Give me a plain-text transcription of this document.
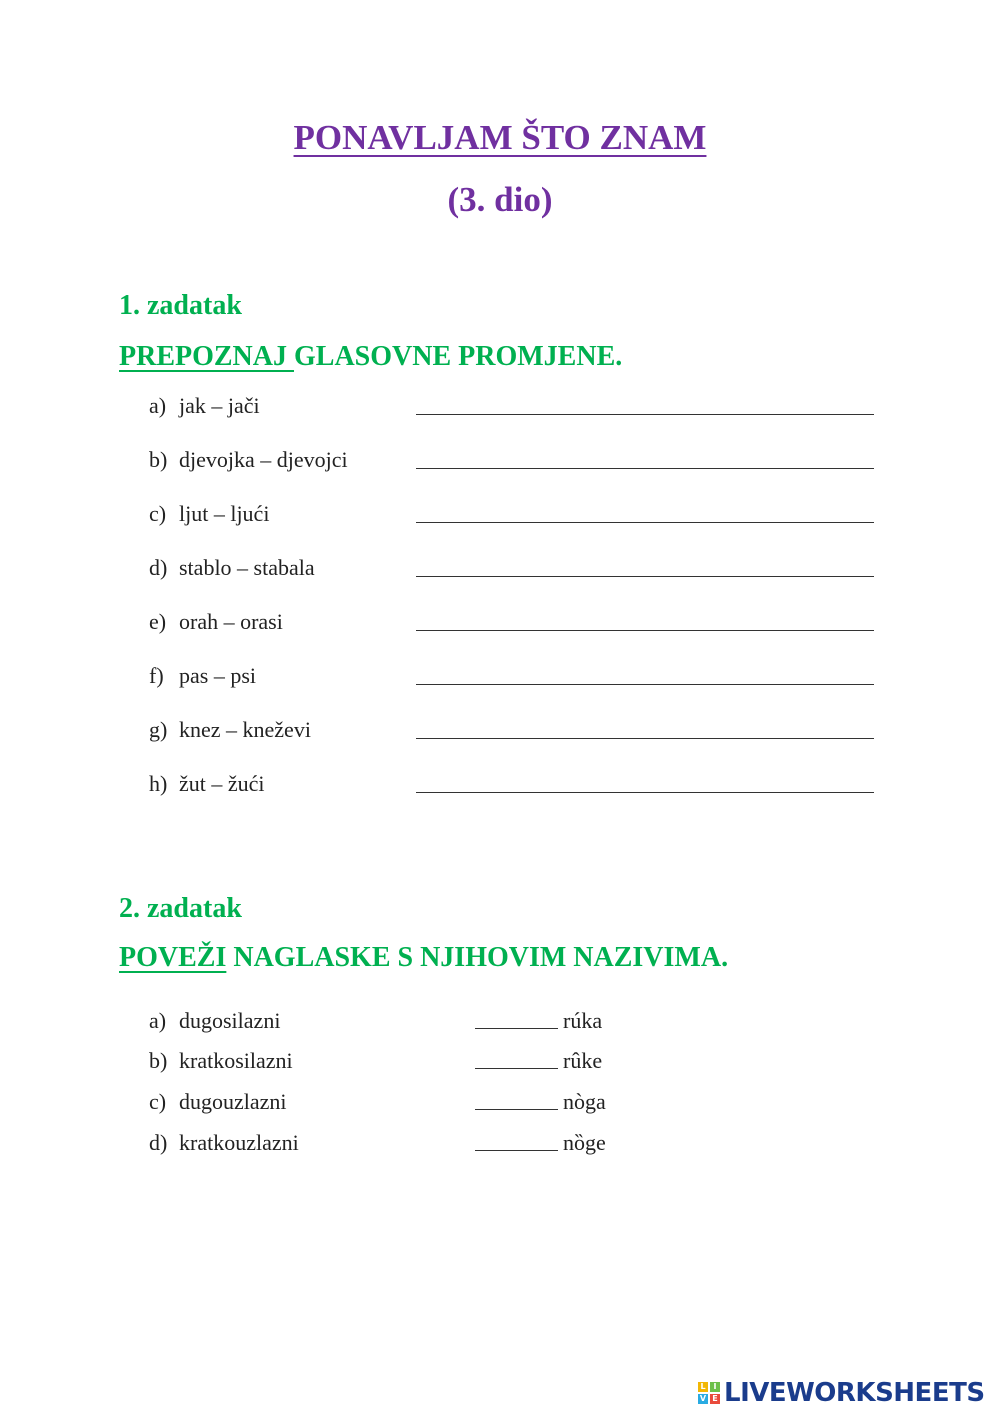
PONAVLJAM ŠTO ZNAM
(3. dio)
1. zadatak
PREPOZNAJ GLASOVNE PROMJENE.
a) jak – jači
b) djevojka – djevojci
c) ljut – ljući
d) stablo – stabala
e) orah – orasi
f) pas – psi
g) knez – kneževi
h) žut – žući
2. zadatak
POVEŽI NAGLASKE S NJIHOVIM NAZIVIMA.
a) dugosilazni	rúka
b) kratkosilazni	rûke
c) dugouzlazni	nòga
d) kratkouzlazni	nȍge
L I
V E LIVEWORKSHEETS
